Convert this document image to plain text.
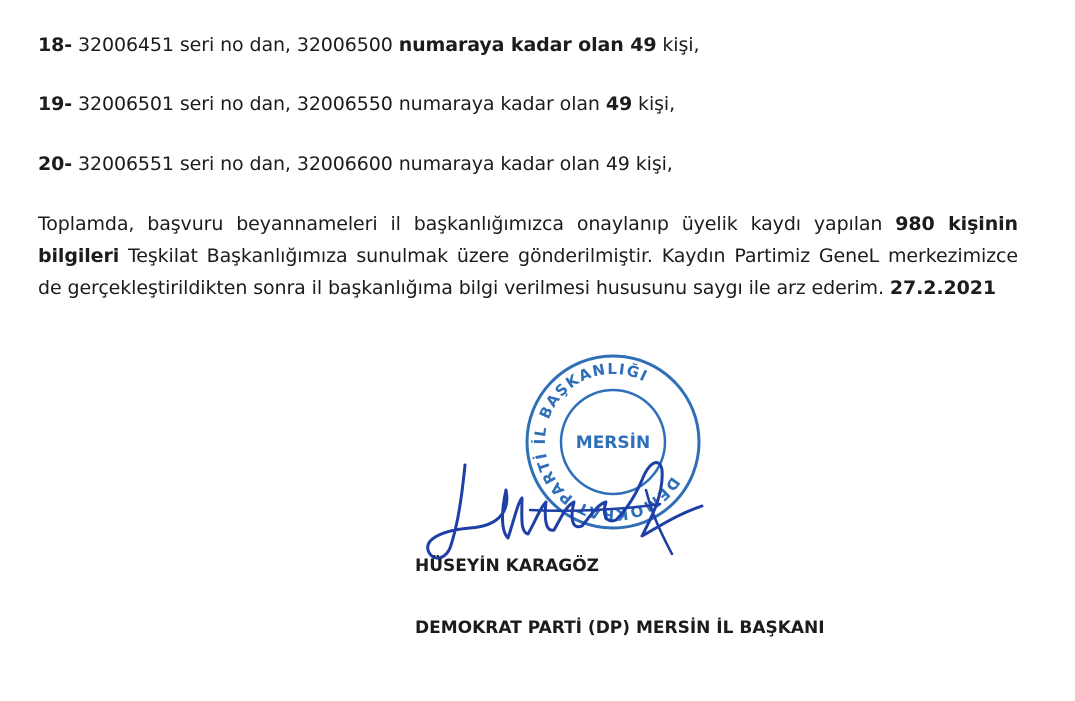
18- 32006451 seri no dan, 32006500 numaraya kadar olan 49 kişi,
19- 32006501 seri no dan, 32006550 numaraya kadar olan 49 kişi,
20- 32006551 seri no dan, 32006600 numaraya kadar olan 49 kişi,
Toplamda, başvuru beyannameleri il başkanlığımızca onaylanıp üyelik kaydı yapılan 980 kişinin bilgileri Teşkilat Başkanlığımıza sunulmak üzere gönderilmiştir. Kaydın Partimiz GeneL merkezimizce de gerçekleştirildikten sonra il başkanlığıma bilgi verilmesi hususunu saygı ile arz ederim. 27.2.2021
DEMOKRAT PARTİ İL BAŞKANLIĞI
MERSİN
HÜSEYİN KARAGÖZ
DEMOKRAT PARTİ (DP) MERSİN İL BAŞKANI
